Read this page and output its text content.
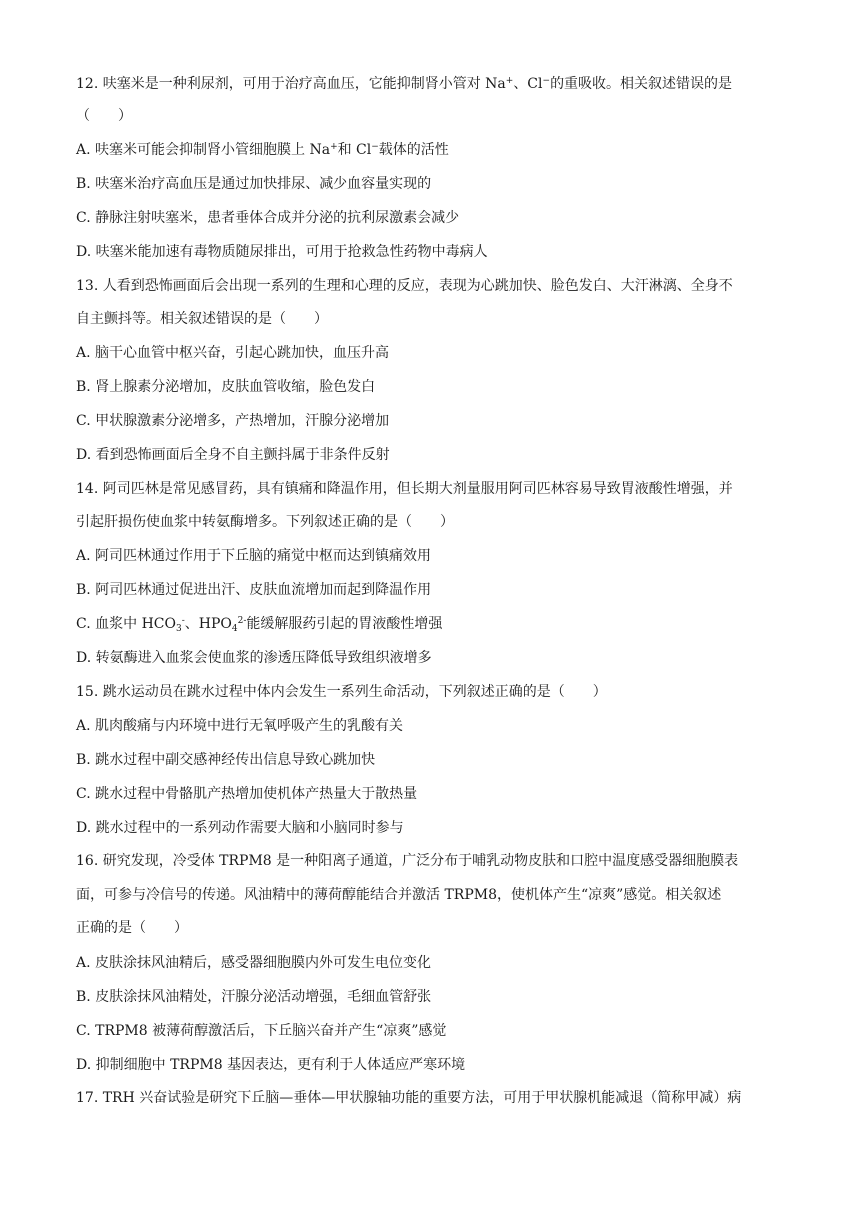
12. 呋塞米是一种利尿剂，可用于治疗高血压，它能抑制肾小管对 Na+、Cl−的重吸收。相关叙述错误的是
（　　）
A. 呋塞米可能会抑制肾小管细胞膜上 Na+和 Cl−载体的活性
B. 呋塞米治疗高血压是通过加快排尿、减少血容量实现的
C. 静脉注射呋塞米，患者垂体合成并分泌的抗利尿激素会减少
D. 呋塞米能加速有毒物质随尿排出，可用于抢救急性药物中毒病人
13. 人看到恐怖画面后会出现一系列的生理和心理的反应，表现为心跳加快、脸色发白、大汗淋漓、全身不
自主颤抖等。相关叙述错误的是（　　）
A. 脑干心血管中枢兴奋，引起心跳加快，血压升高
B. 肾上腺素分泌增加，皮肤血管收缩，脸色发白
C. 甲状腺激素分泌增多，产热增加，汗腺分泌增加
D. 看到恐怖画面后全身不自主颤抖属于非条件反射
14. 阿司匹林是常见感冒药，具有镇痛和降温作用，但长期大剂量服用阿司匹林容易导致胃液酸性增强，并
引起肝损伤使血浆中转氨酶增多。下列叙述正确的是（　　）
A. 阿司匹林通过作用于下丘脑的痛觉中枢而达到镇痛效用
B. 阿司匹林通过促进出汗、皮肤血流增加而起到降温作用
C. 血浆中 $HCO_3^-$、$HPO_4^{2-}$能缓解服药引起的胃液酸性增强
D. 转氨酶进入血浆会使血浆的渗透压降低导致组织液增多
15. 跳水运动员在跳水过程中体内会发生一系列生命活动，下列叙述正确的是（　　）
A. 肌肉酸痛与内环境中进行无氧呼吸产生的乳酸有关
B. 跳水过程中副交感神经传出信息导致心跳加快
C. 跳水过程中骨骼肌产热增加使机体产热量大于散热量
D. 跳水过程中的一系列动作需要大脑和小脑同时参与
16. 研究发现，冷受体 TRPM8 是一种阳离子通道，广泛分布于哺乳动物皮肤和口腔中温度感受器细胞膜表
面，可参与冷信号的传递。风油精中的薄荷醇能结合并激活 TRPM8，使机体产生“凉爽”感觉。相关叙述
正确的是（　　）
A. 皮肤涂抹风油精后，感受器细胞膜内外可发生电位变化
B. 皮肤涂抹风油精处，汗腺分泌活动增强，毛细血管舒张
C. TRPM8 被薄荷醇激活后，下丘脑兴奋并产生“凉爽”感觉
D. 抑制细胞中 TRPM8 基因表达，更有利于人体适应严寒环境
17. TRH 兴奋试验是研究下丘脑—垂体—甲状腺轴功能的重要方法，可用于甲状腺机能减退（简称甲减）病
